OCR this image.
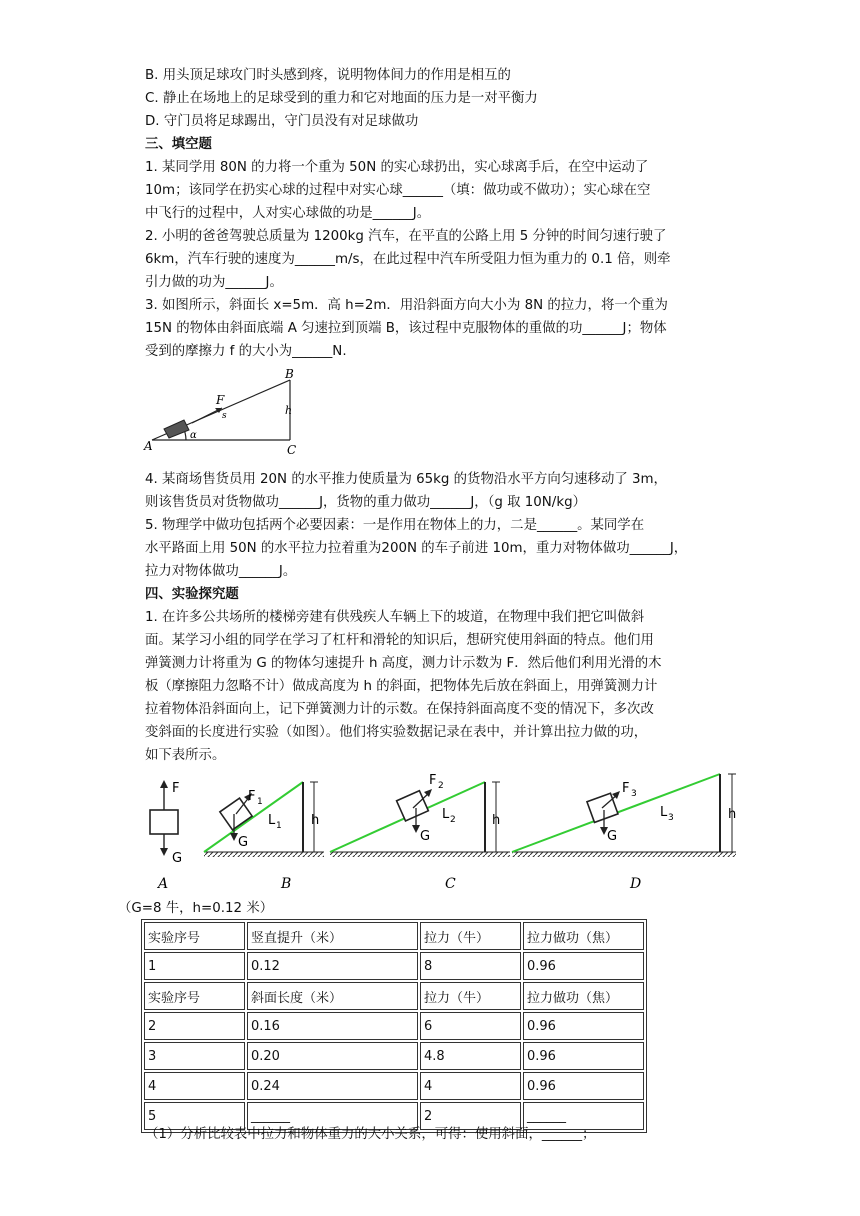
B. 用头顶足球攻门时头感到疼，说明物体间力的作用是相互的
C. 静止在场地上的足球受到的重力和它对地面的压力是一对平衡力
D. 守门员将足球踢出，守门员没有对足球做功
三、填空题
1. 某同学用 80N 的力将一个重为 50N 的实心球扔出，实心球离手后，在空中运动了
10m；该同学在扔实心球的过程中对实心球______（填：做功或不做功）；实心球在空
中飞行的过程中，人对实心球做的功是______J。
2. 小明的爸爸驾驶总质量为 1200kg 汽车，在平直的公路上用 5 分钟的时间匀速行驶了
6km，汽车行驶的速度为______m/s，在此过程中汽车所受阻力恒为重力的 0.1 倍，则牵
引力做的功为______J。
3. 如图所示，斜面长 x=5m．高 h=2m．用沿斜面方向大小为 8N 的拉力，将一个重为
15N 的物体由斜面底端 A 匀速拉到顶端 B，该过程中克服物体的重做的功______J；物体
受到的摩擦力 f 的大小为______N.
A
B
C
F
h
s
α
4. 某商场售货员用 20N 的水平推力使质量为 65kg 的货物沿水平方向匀速移动了 3m，
则该售货员对货物做功______J，货物的重力做功______J，（g 取 10N/kg）
5. 物理学中做功包括两个必要因素：一是作用在物体上的力，二是______。某同学在
水平路面上用 50N 的水平拉力拉着重为200N 的车子前进 10m，重力对物体做功______J，
拉力对物体做功______J。
四、实验探究题
1. 在许多公共场所的楼梯旁建有供残疾人车辆上下的坡道，在物理中我们把它叫做斜
面。某学习小组的同学在学习了杠杆和滑轮的知识后，想研究使用斜面的特点。他们用
弹簧测力计将重为 G 的物体匀速提升 h 高度，测力计示数为 F．然后他们利用光滑的木
板（摩擦阻力忽略不计）做成高度为 h 的斜面，把物体先后放在斜面上，用弹簧测力计
拉着物体沿斜面向上，记下弹簧测力计的示数。在保持斜面高度不变的情况下，多次改
变斜面的长度进行实验（如图）。他们将实验数据记录在表中，并计算出拉力做的功，
如下表所示。
F
G
A
h
F 1
L 1
G
B
h
F 2
L 2
G
C
h
F 3
L 3
G
D
（G=8 牛，h=0.12 米）
实验序号	竖直提升（米）	拉力（牛）	拉力做功（焦）
1	0.12	8	0.96
实验序号	斜面长度（米）	拉力（牛）	拉力做功（焦）
2	0.16	6	0.96
3	0.20	4.8	0.96
4	0.24	4	0.96
5	______	2	______
（1）分析比较表中拉力和物体重力的大小关系，可得：使用斜面，______；
